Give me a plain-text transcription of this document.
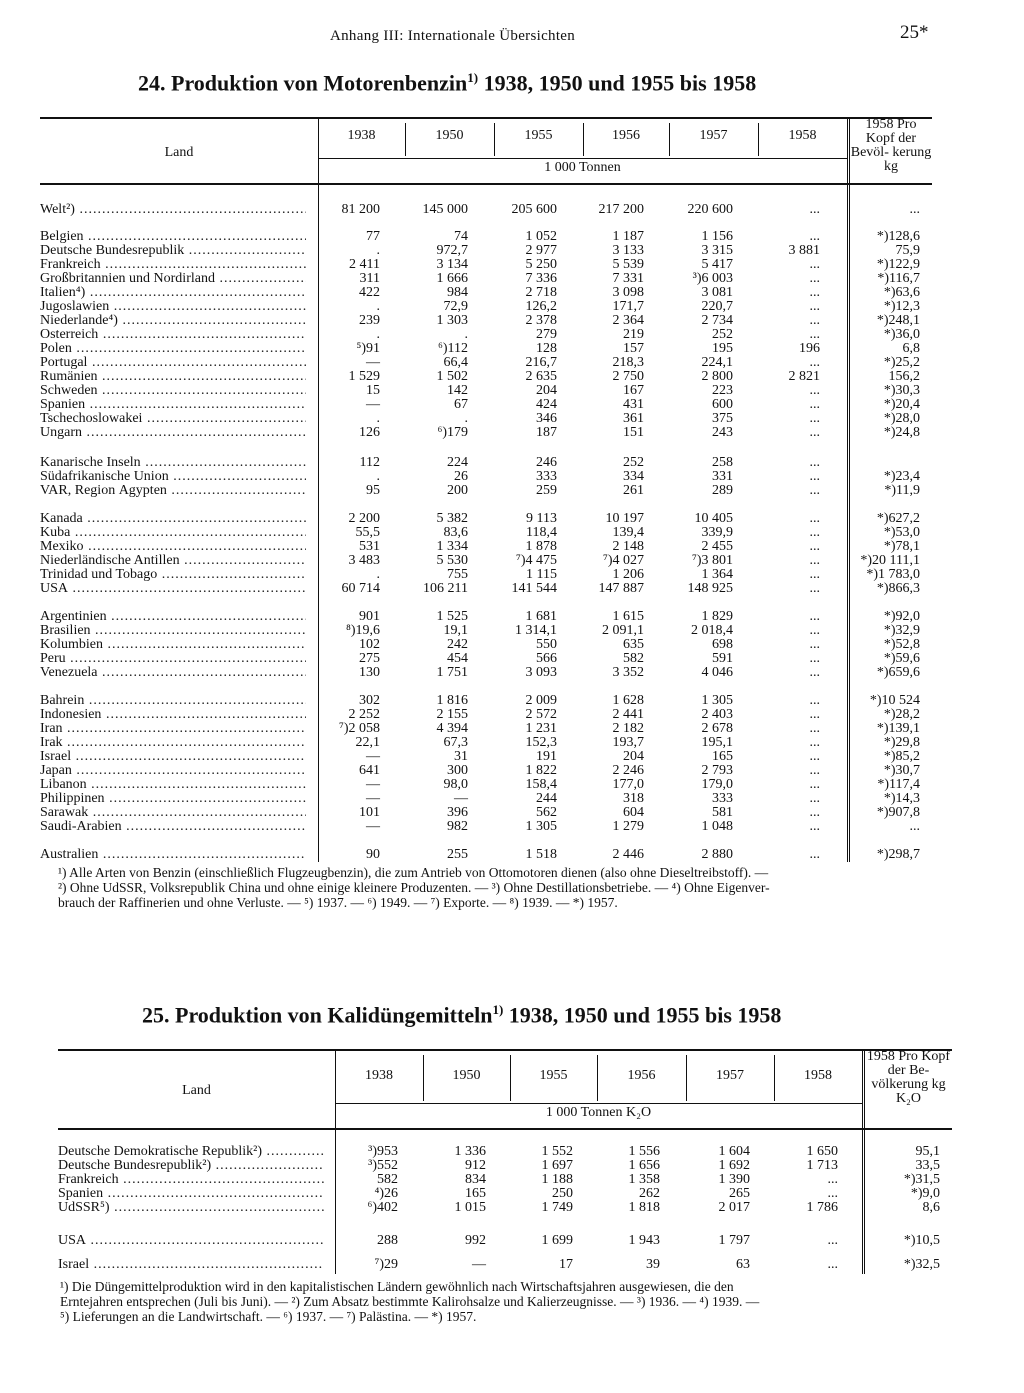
Anhang III: Internationale Übersichten	25*
24. Produktion von Motorenbenzin$^{1)}$ 1938, 1950 und 1955 bis 1958
Land
1938	1950	1955	1956	1957	1958
1 000 Tonnen
1958 Pro Kopf der Bevöl- kerung kg
Welt²) .....	81 200	145 000	205 600	217 200	220 600	...	...
Belgien .....	77	74	1 052	1 187	1 156	...	*)128,6
Deutsche Bundesrepublik .....	.	972,7	2 977	3 133	3 315	3 881	75,9
Frankreich .....	2 411	3 134	5 250	5 539	5 417	...	*)122,9
Großbritannien und Nordirland .....	311	1 666	7 336	7 331	³)6 003	...	*)116,7
Italien⁴) .....	422	984	2 718	3 098	3 081	...	*)63,6
Jugoslawien .....	.	72,9	126,2	171,7	220,7	...	*)12,3
Niederlande⁴) .....	239	1 303	2 378	2 364	2 734	...	*)248,1
Österreich .....	.	.	279	219	252	...	*)36,0
Polen .....	⁵)91	⁶)112	128	157	195	196	6,8
Portugal .....	—	66,4	216,7	218,3	224,1	...	*)25,2
Rumänien .....	1 529	1 502	2 635	2 750	2 800	2 821	156,2
Schweden .....	15	142	204	167	223	...	*)30,3
Spanien .....	—	67	424	431	600	...	*)20,4
Tschechoslowakei .....	.	.	346	361	375	...	*)28,0
Ungarn .....	126	⁶)179	187	151	243	...	*)24,8
Kanarische Inseln .....	112	224	246	252	258	...
Südafrikanische Union .....	.	26	333	334	331	...	*)23,4
VAR, Region Ägypten .....	95	200	259	261	289	...	*)11,9
Kanada .....	2 200	5 382	9 113	10 197	10 405	...	*)627,2
Kuba .....	55,5	83,6	118,4	139,4	339,9	...	*)53,0
Mexiko .....	531	1 334	1 878	2 148	2 455	...	*)78,1
Niederländische Antillen .....	3 483	5 530	⁷)4 475	⁷)4 027	⁷)3 801	...	*)20 111,1
Trinidad und Tobago .....	.	755	1 115	1 206	1 364	...	*)1 783,0
USA .....	60 714	106 211	141 544	147 887	148 925	...	*)866,3
Argentinien .....	901	1 525	1 681	1 615	1 829	...	*)92,0
Brasilien .....	⁸)19,6	19,1	1 314,1	2 091,1	2 018,4	...	*)32,9
Kolumbien .....	102	242	550	635	698	...	*)52,8
Peru .....	275	454	566	582	591	...	*)59,6
Venezuela .....	130	1 751	3 093	3 352	4 046	...	*)659,6
Bahrein .....	302	1 816	2 009	1 628	1 305	...	*)10 524
Indonesien .....	2 252	2 155	2 572	2 441	2 403	...	*)28,2
Iran .....	⁷)2 058	4 394	1 231	2 182	2 678	...	*)139,1
Irak .....	22,1	67,3	152,3	193,7	195,1	...	*)29,8
Israel .....	—	31	191	204	165	...	*)85,2
Japan .....	641	300	1 822	2 246	2 793	...	*)30,7
Libanon .....	—	98,0	158,4	177,0	179,0	...	*)117,4
Philippinen .....	—	—	244	318	333	...	*)14,3
Sarawak .....	101	396	562	604	581	...	*)907,8
Saudi-Arabien .....	—	982	1 305	1 279	1 048	...	...
Australien .....	90	255	1 518	2 446	2 880	...	*)298,7

¹) Alle Arten von Benzin (einschließlich Flugzeugbenzin), die zum Antrieb von Ottomotoren dienen (also ohne Dieseltreibstoff). —

²) Ohne UdSSR, Volksrepublik China und ohne einige kleinere Produzenten. — ³) Ohne Destillationsbetriebe. — ⁴) Ohne Eigenver-

brauch der Raffinerien und ohne Verluste. — ⁵) 1937. — ⁶) 1949. — ⁷) Exporte. — ⁸) 1939. — *) 1957.

25. Produktion von Kalidüngemitteln$^{1)}$ 1938, 1950 und 1955 bis 1958
Land
1938	1950	1955	1956	1957	1958
1 000 Tonnen K₂O
1958 Pro Kopf der Be- völkerung kg K₂O
Deutsche Demokratische Republik²) .....	³)953	1 336	1 552	1 556	1 604	1 650	95,1
Deutsche Bundesrepublik²) .....	³)552	912	1 697	1 656	1 692	1 713	33,5
Frankreich .....	582	834	1 188	1 358	1 390	...	*)31,5
Spanien .....	⁴)26	165	250	262	265	...	*)9,0
UdSSR⁵) .....	⁶)402	1 015	1 749	1 818	2 017	1 786	8,6
USA .....	288	992	1 699	1 943	1 797	...	*)10,5
Israel .....	⁷)29	—	17	39	63	...	*)32,5

¹) Die Düngemittelproduktion wird in den kapitalistischen Ländern gewöhnlich nach Wirtschaftsjahren ausgewiesen, die den

Erntejahren entsprechen (Juli bis Juni). — ²) Zum Absatz bestimmte Kalirohsalze und Kalierzeugnisse. — ³) 1936. — ⁴) 1939. —

⁵) Lieferungen an die Landwirtschaft. — ⁶) 1937. — ⁷) Palästina. — *) 1957.
